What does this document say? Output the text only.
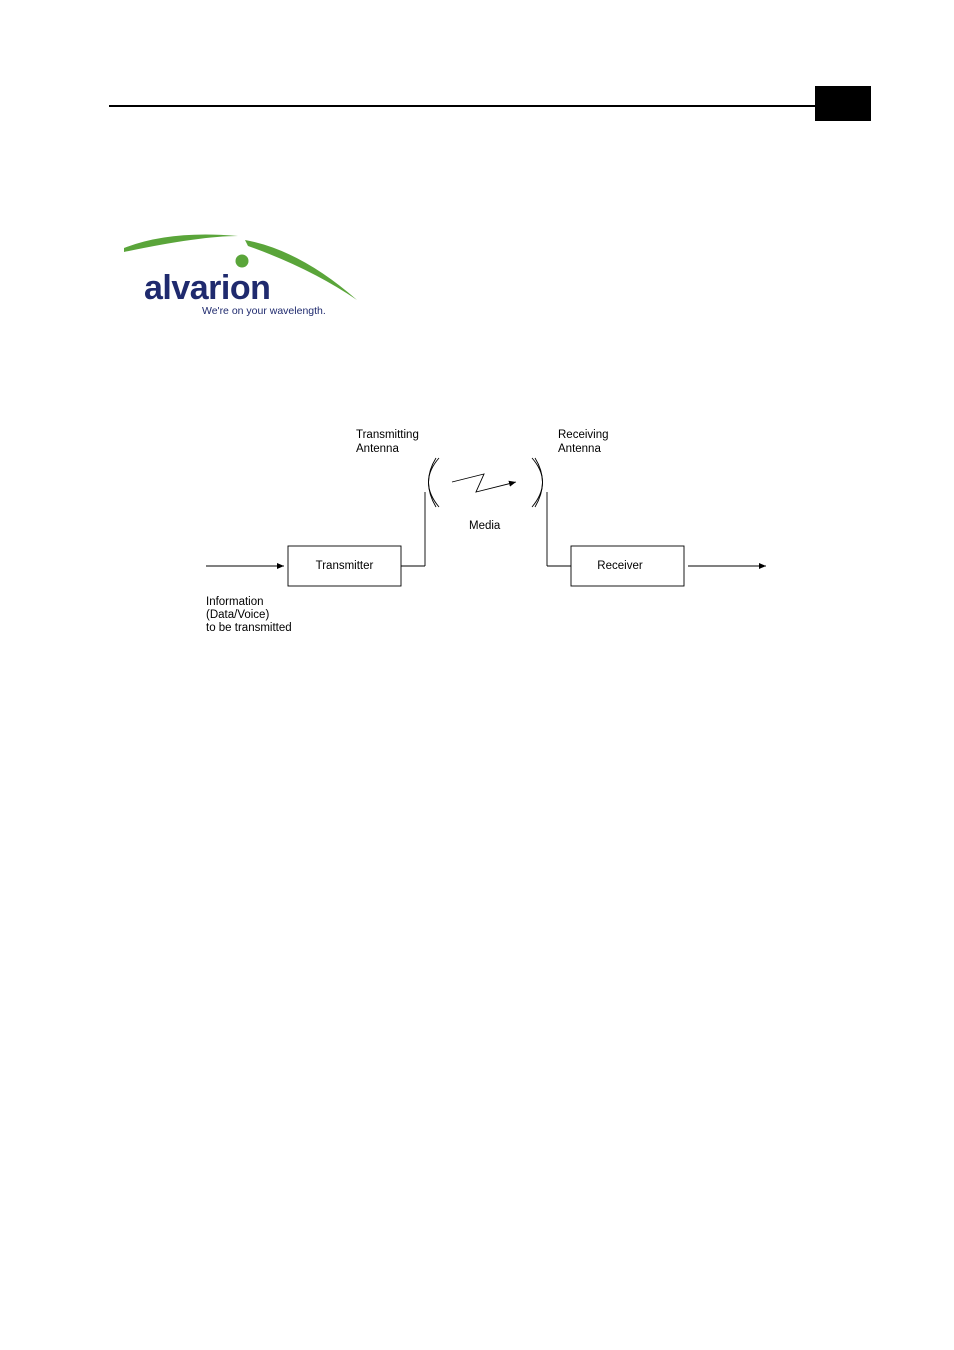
alvarion
We're on your wavelength.
Transmitting Antenna
Receiving Antenna
Media
Transmitter	Receiver
Information (Data/Voice) to be transmitted
